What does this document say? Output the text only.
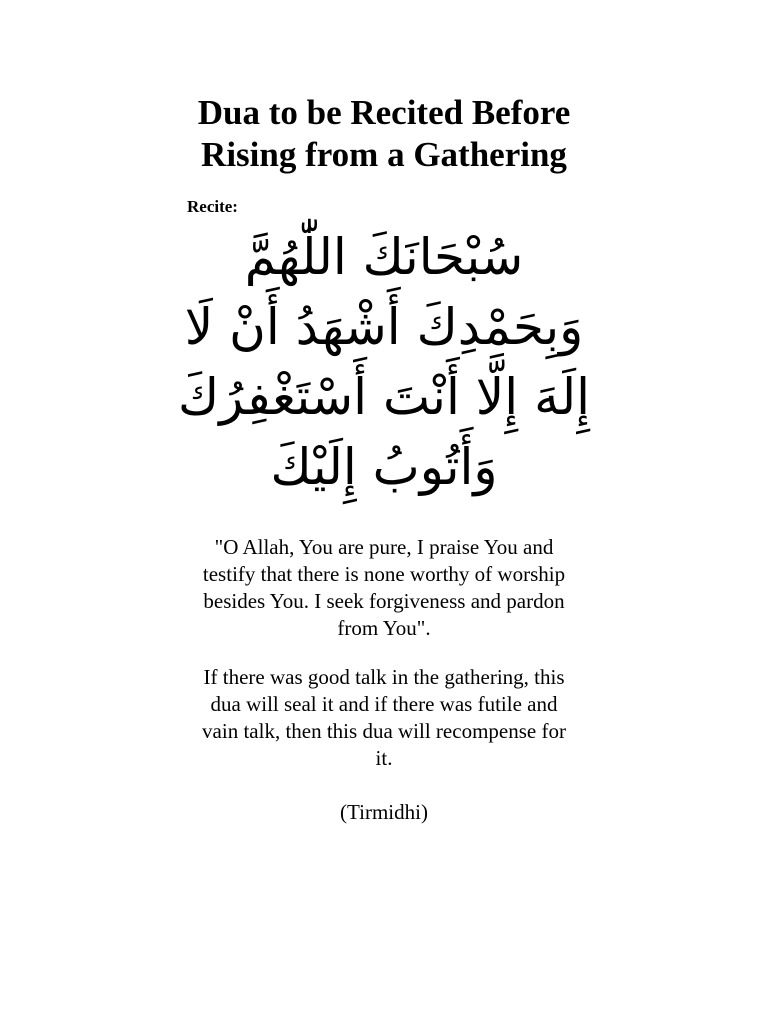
Dua to be Recited Before
Rising from a Gathering

Recite:

سُبْحَانَكَ اللّٰهُمَّ
وَبِحَمْدِكَ أَشْهَدُ أَنْ لَا
إِلَهَ إِلَّا أَنْتَ أَسْتَغْفِرُكَ
وَأَتُوبُ إِلَيْكَ

"O Allah, You are pure, I praise You and
testify that there is none worthy of worship
besides You. I seek forgiveness and pardon
from You".

If there was good talk in the gathering, this
dua will seal it and if there was futile and
vain talk, then this dua will recompense for
it.

(Tirmidhi)
